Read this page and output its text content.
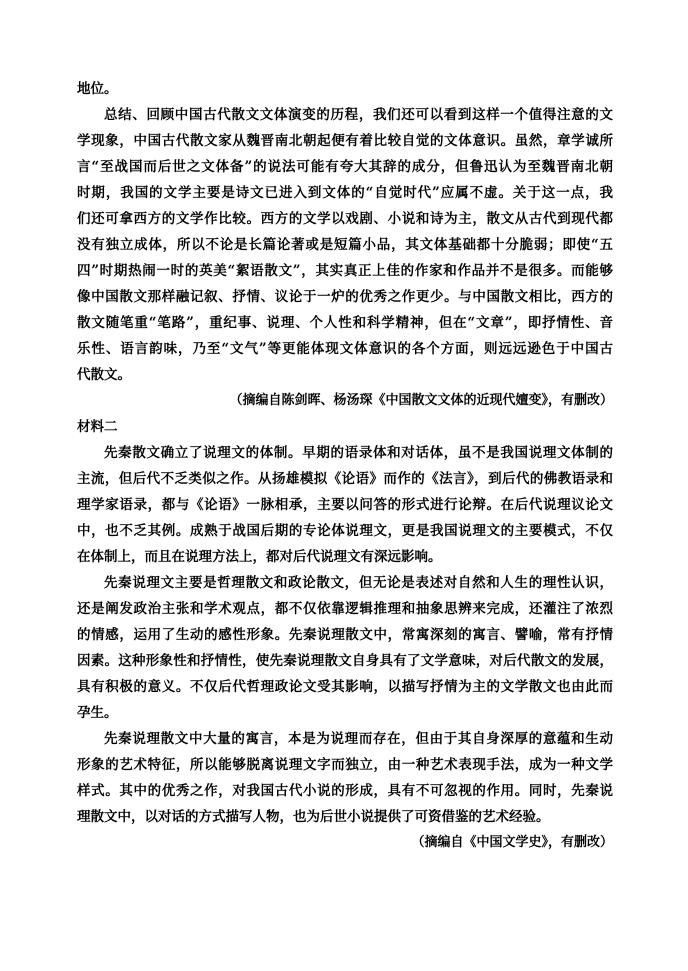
地位。
总结、回顾中国古代散文文体演变的历程，我们还可以看到这样一个值得注意的文
学现象，中国古代散文家从魏晋南北朝起便有着比较自觉的文体意识。虽然，章学诚所
言“至战国而后世之文体备”的说法可能有夸大其辞的成分，但鲁迅认为至魏晋南北朝
时期，我国的文学主要是诗文已进入到文体的“自觉时代”应属不虚。关于这一点，我
们还可拿西方的文学作比较。西方的文学以戏剧、小说和诗为主，散文从古代到现代都
没有独立成体，所以不论是长篇论著或是短篇小品，其文体基础都十分脆弱；即使“五
四”时期热闹一时的英美“絮语散文”，其实真正上佳的作家和作品并不是很多。而能够
像中国散文那样融记叙、抒情、议论于一炉的优秀之作更少。与中国散文相比，西方的
散文随笔重“笔路”，重纪事、说理、个人性和科学精神，但在“文章”，即抒情性、音
乐性、语言韵味，乃至“文气”等更能体现文体意识的各个方面，则远远逊色于中国古
代散文。
（摘编自陈剑晖、杨汤琛《中国散文文体的近现代嬗变》，有删改）
材料二
先秦散文确立了说理文的体制。早期的语录体和对话体，虽不是我国说理文体制的
主流，但后代不乏类似之作。从扬雄模拟《论语》而作的《法言》，到后代的佛教语录和
理学家语录，都与《论语》一脉相承，主要以问答的形式进行论辩。在后代说理议论文
中，也不乏其例。成熟于战国后期的专论体说理文，更是我国说理文的主要模式，不仅
在体制上，而且在说理方法上，都对后代说理文有深远影响。
先秦说理文主要是哲理散文和政论散文，但无论是表述对自然和人生的理性认识，
还是阐发政治主张和学术观点，都不仅依靠逻辑推理和抽象思辨来完成，还灌注了浓烈
的情感，运用了生动的感性形象。先秦说理散文中，常寓深刻的寓言、譬喻，常有抒情
因素。这种形象性和抒情性，使先秦说理散文自身具有了文学意味，对后代散文的发展，
具有积极的意义。不仅后代哲理政论文受其影响，以描写抒情为主的文学散文也由此而
孕生。
先秦说理散文中大量的寓言，本是为说理而存在，但由于其自身深厚的意蕴和生动
形象的艺术特征，所以能够脱离说理文字而独立，由一种艺术表现手法，成为一种文学
样式。其中的优秀之作，对我国古代小说的形成，具有不可忽视的作用。同时，先秦说
理散文中，以对话的方式描写人物，也为后世小说提供了可资借鉴的艺术经验。
（摘编自《中国文学史》，有删改）
